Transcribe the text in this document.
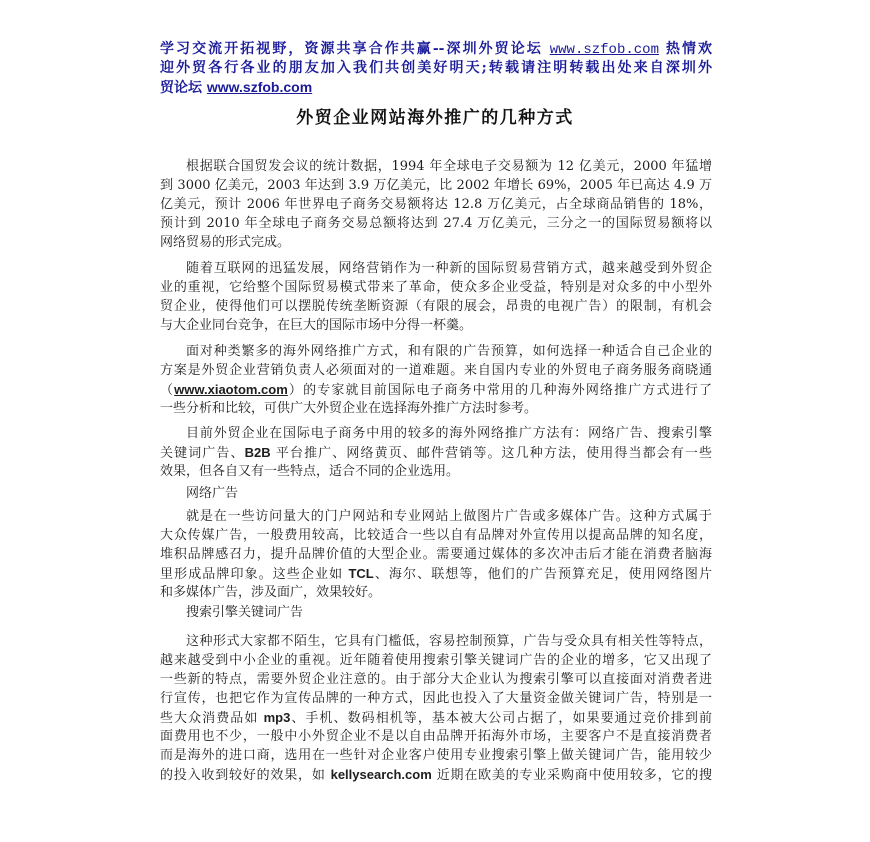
学习交流开拓视野，资源共享合作共赢--深圳外贸论坛 www.szfob.com 热情欢
迎外贸各行各业的朋友加入我们共创美好明天;转载请注明转载出处来自深圳外
贸论坛 www.szfob.com
外贸企业网站海外推广的几种方式
根据联合国贸发会议的统计数据，1994 年全球电子交易额为 12 亿美元，2000 年猛增
到 3000 亿美元，2003 年达到 3.9 万亿美元，比 2002 年增长 69%，2005 年已高达 4.9 万
亿美元，预计 2006 年世界电子商务交易额将达 12.8 万亿美元，占全球商品销售的 18%，
预计到 2010 年全球电子商务交易总额将达到 27.4 万亿美元，三分之一的国际贸易额将以
网络贸易的形式完成。
随着互联网的迅猛发展，网络营销作为一种新的国际贸易营销方式，越来越受到外贸企
业的重视，它给整个国际贸易模式带来了革命，使众多企业受益，特别是对众多的中小型外
贸企业，使得他们可以摆脱传统垄断资源（有限的展会，昂贵的电视广告）的限制，有机会
与大企业同台竞争，在巨大的国际市场中分得一杯羹。
面对种类繁多的海外网络推广方式，和有限的广告预算，如何选择一种适合自己企业的
方案是外贸企业营销负责人必须面对的一道难题。来自国内专业的外贸电子商务服务商晓通
（www.xiaotom.com）的专家就目前国际电子商务中常用的几种海外网络推广方式进行了
一些分析和比较，可供广大外贸企业在选择海外推广方法时参考。
目前外贸企业在国际电子商务中用的较多的海外网络推广方法有：网络广告、搜索引擎
关键词广告、B2B 平台推广、网络黄页、邮件营销等。这几种方法，使用得当都会有一些
效果，但各自又有一些特点，适合不同的企业选用。
网络广告
就是在一些访问量大的门户网站和专业网站上做图片广告或多媒体广告。这种方式属于
大众传媒广告，一般费用较高，比较适合一些以自有品牌对外宣传用以提高品牌的知名度，
堆积品牌感召力，提升品牌价值的大型企业。需要通过媒体的多次冲击后才能在消费者脑海
里形成品牌印象。这些企业如 TCL、海尔、联想等，他们的广告预算充足，使用网络图片
和多媒体广告，涉及面广，效果较好。
搜索引擎关键词广告
这种形式大家都不陌生，它具有门槛低，容易控制预算，广告与受众具有相关性等特点，
越来越受到中小企业的重视。近年随着使用搜索引擎关键词广告的企业的增多，它又出现了
一些新的特点，需要外贸企业注意的。由于部分大企业认为搜索引擎可以直接面对消费者进
行宣传，也把它作为宣传品牌的一种方式，因此也投入了大量资金做关键词广告，特别是一
些大众消费品如 mp3、手机、数码相机等，基本被大公司占据了，如果要通过竞价排到前
面费用也不少，一般中小外贸企业不是以自由品牌开拓海外市场，主要客户不是直接消费者
而是海外的进口商，选用在一些针对企业客户使用专业搜索引擎上做关键词广告，能用较少
的投入收到较好的效果，如 kellysearch.com 近期在欧美的专业采购商中使用较多，它的搜
